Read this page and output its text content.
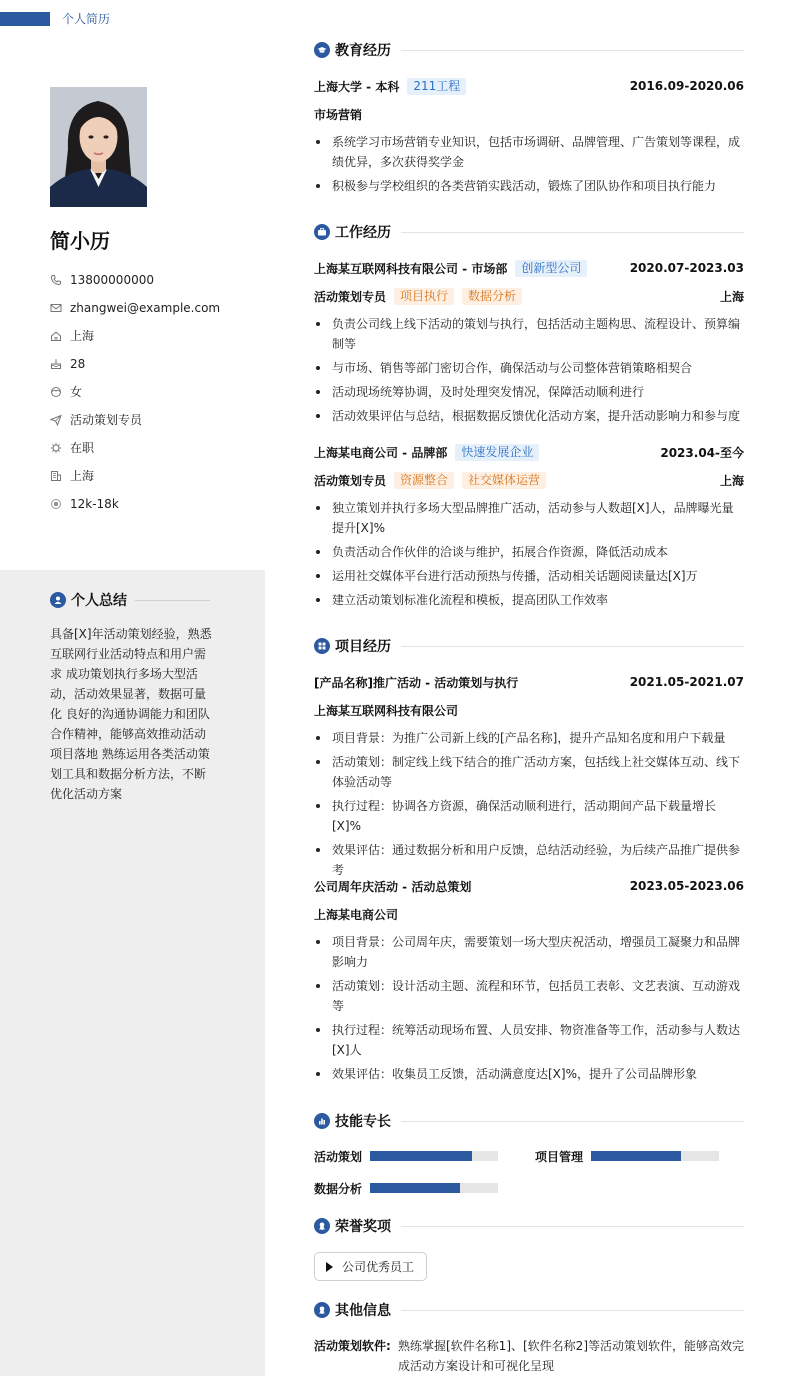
个人简历
简小历
13800000000
zhangwei@example.com
上海
28
女
活动策划专员
在职
上海
12k-18k
个人总结
具备[X]年活动策划经验，熟悉互联网行业活动特点和用户需求 成功策划执行多场大型活动，活动效果显著，数据可量化 良好的沟通协调能力和团队合作精神，能够高效推动活动项目落地 熟练运用各类活动策划工具和数据分析方法，不断优化活动方案
教育经历
上海大学 - 本科	211工程	2016.09-2020.06
市场营销
系统学习市场营销专业知识，包括市场调研、品牌管理、广告策划等课程，成绩优异，多次获得奖学金
积极参与学校组织的各类营销实践活动，锻炼了团队协作和项目执行能力
工作经历
上海某互联网科技有限公司 - 市场部	创新型公司	2020.07-2023.03
活动策划专员	项目执行	数据分析	上海
负责公司线上线下活动的策划与执行，包括活动主题构思、流程设计、预算编制等
与市场、销售等部门密切合作，确保活动与公司整体营销策略相契合
活动现场统筹协调，及时处理突发情况，保障活动顺利进行
活动效果评估与总结，根据数据反馈优化活动方案，提升活动影响力和参与度
上海某电商公司 - 品牌部	快速发展企业	2023.04-至今
活动策划专员	资源整合	社交媒体运营	上海
独立策划并执行多场大型品牌推广活动，活动参与人数超[X]人，品牌曝光量提升[X]%
负责活动合作伙伴的洽谈与维护，拓展合作资源，降低活动成本
运用社交媒体平台进行活动预热与传播，活动相关话题阅读量达[X]万
建立活动策划标准化流程和模板，提高团队工作效率
项目经历
[产品名称]推广活动 - 活动策划与执行	2021.05-2021.07
上海某互联网科技有限公司
项目背景：为推广公司新上线的[产品名称]，提升产品知名度和用户下载量
活动策划：制定线上线下结合的推广活动方案，包括线上社交媒体互动、线下体验活动等
执行过程：协调各方资源，确保活动顺利进行，活动期间产品下载量增长[X]%
效果评估：通过数据分析和用户反馈，总结活动经验，为后续产品推广提供参考
公司周年庆活动 - 活动总策划	2023.05-2023.06
上海某电商公司
项目背景：公司周年庆，需要策划一场大型庆祝活动，增强员工凝聚力和品牌影响力
活动策划：设计活动主题、流程和环节，包括员工表彰、文艺表演、互动游戏等
执行过程：统筹活动现场布置、人员安排、物资准备等工作，活动参与人数达[X]人
效果评估：收集员工反馈，活动满意度达[X]%，提升了公司品牌形象
技能专长
活动策划	项目管理
数据分析
荣誉奖项
公司优秀员工
其他信息
活动策划软件: 熟练掌握[软件名称1]、[软件名称2]等活动策划软件，能够高效完成活动方案设计和可视化呈现
